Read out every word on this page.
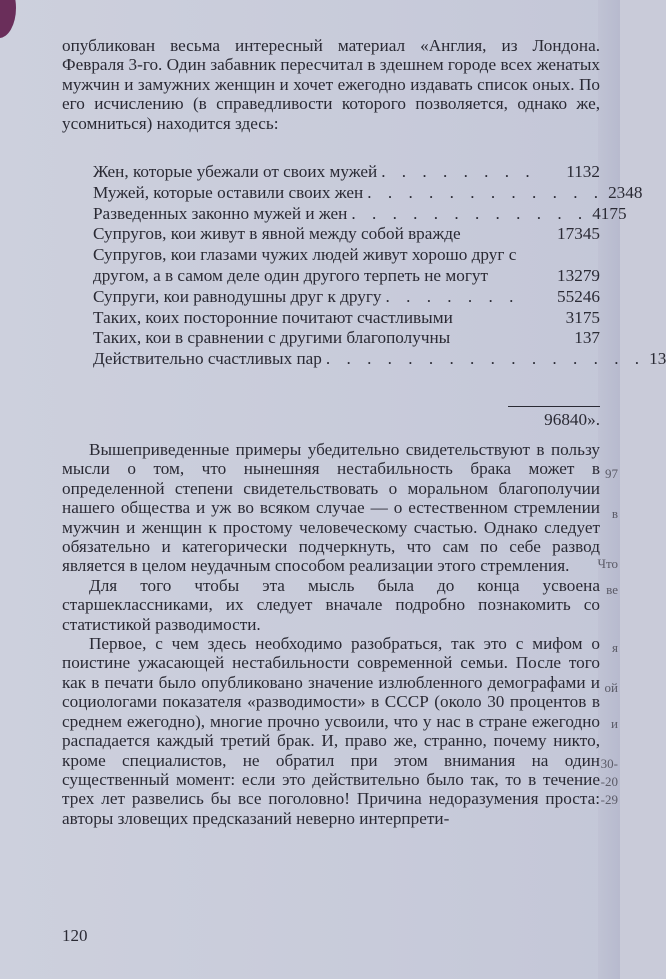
97
в
Что
ве
я
ой
и
30-
-20
-29

опубликован весьма интересный материал «Англия, из Лондона. Февраля 3-го. Один забавник пересчитал в здешнем городе всех женатых мужчин и замужних женщин и хочет ежегодно издавать список оных. По его исчислению (в справедливости которого позволяется, однако же, усомниться) находится здесь:

Жен, которые убежали от своих мужей . . . . . . . .	1132
Мужей, которые оставили своих жен . . . . . . . . . . . . 2348
Разведенных законно мужей и жен . . . . . . . . . . . . 4175
Супругов, кои живут в явной между собой вражде	17345
Супругов, кои глазами чужих людей живут хорошо друг с другом, а в самом деле один другого терпеть не могут	13279
Супруги, кои равнодушны друг к другу . . . . . . .	55246
Таких, коих посторонние почитают счастливыми	3175
Таких, кои в сравнении с другими благополучны	137
Действительно счастливых пар . . . . . . . . . . . . . . . . 13
96840».

Вышеприведенные примеры убедительно свидетельствуют в пользу мысли о том, что нынешняя нестабильность брака может в определенной степени свидетельствовать о моральном благополучии нашего общества и уж во всяком случае — о естественном стремлении мужчин и женщин к простому человеческому счастью. Однако следует обязательно и категорически подчеркнуть, что сам по себе развод является в целом неудачным способом реализации этого стремления.

Для того чтобы эта мысль была до конца усвоена старшеклассниками, их следует вначале подробно познакомить со статистикой разводимости.

Первое, с чем здесь необходимо разобраться, так это с мифом о поистине ужасающей нестабильности современной семьи. После того как в печати было опубликовано значение излюбленного демографами и социологами показателя «разводимости» в СССР (около 30 процентов в среднем ежегодно), многие прочно усвоили, что у нас в стране ежегодно распадается каждый третий брак. И, право же, странно, почему никто, кроме специалистов, не обратил при этом внимания на один существенный момент: если это действительно было так, то в течение трех лет развелись бы все поголовно! Причина недоразумения проста: авторы зловещих предсказаний неверно интерпрети-

120
